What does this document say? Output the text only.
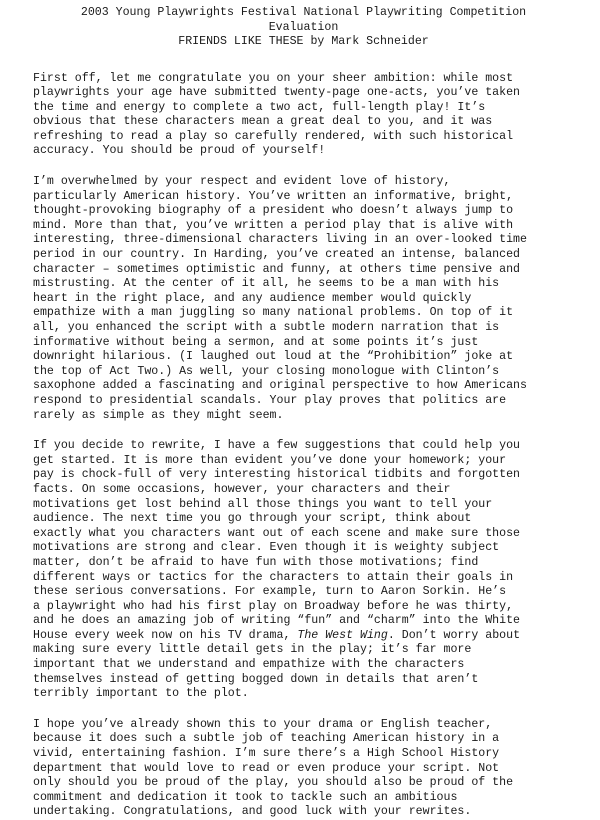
2003 Young Playwrights Festival National Playwriting Competition
Evaluation
FRIENDS LIKE THESE by Mark Schneider
First off, let me congratulate you on your sheer ambition: while most
playwrights your age have submitted twenty-page one-acts, you’ve taken
the time and energy to complete a two act, full-length play! It’s
obvious that these characters mean a great deal to you, and it was
refreshing to read a play so carefully rendered, with such historical
accuracy. You should be proud of yourself!
I’m overwhelmed by your respect and evident love of history,
particularly American history. You’ve written an informative, bright,
thought-provoking biography of a president who doesn’t always jump to
mind. More than that, you’ve written a period play that is alive with
interesting, three-dimensional characters living in an over-looked time
period in our country. In Harding, you’ve created an intense, balanced
character – sometimes optimistic and funny, at others time pensive and
mistrusting. At the center of it all, he seems to be a man with his
heart in the right place, and any audience member would quickly
empathize with a man juggling so many national problems. On top of it
all, you enhanced the script with a subtle modern narration that is
informative without being a sermon, and at some points it’s just
downright hilarious. (I laughed out loud at the “Prohibition” joke at
the top of Act Two.) As well, your closing monologue with Clinton’s
saxophone added a fascinating and original perspective to how Americans
respond to presidential scandals. Your play proves that politics are
rarely as simple as they might seem.
If you decide to rewrite, I have a few suggestions that could help you
get started. It is more than evident you’ve done your homework; your
pay is chock-full of very interesting historical tidbits and forgotten
facts. On some occasions, however, your characters and their
motivations get lost behind all those things you want to tell your
audience. The next time you go through your script, think about
exactly what you characters want out of each scene and make sure those
motivations are strong and clear. Even though it is weighty subject
matter, don’t be afraid to have fun with those motivations; find
different ways or tactics for the characters to attain their goals in
these serious conversations. For example, turn to Aaron Sorkin. He’s
a playwright who had his first play on Broadway before he was thirty,
and he does an amazing job of writing “fun” and “charm” into the White
House every week now on his TV drama, The West Wing. Don’t worry about
making sure every little detail gets in the play; it’s far more
important that we understand and empathize with the characters
themselves instead of getting bogged down in details that aren’t
terribly important to the plot.
I hope you’ve already shown this to your drama or English teacher,
because it does such a subtle job of teaching American history in a
vivid, entertaining fashion. I’m sure there’s a High School History
department that would love to read or even produce your script. Not
only should you be proud of the play, you should also be proud of the
commitment and dedication it took to tackle such an ambitious
undertaking. Congratulations, and good luck with your rewrites.
